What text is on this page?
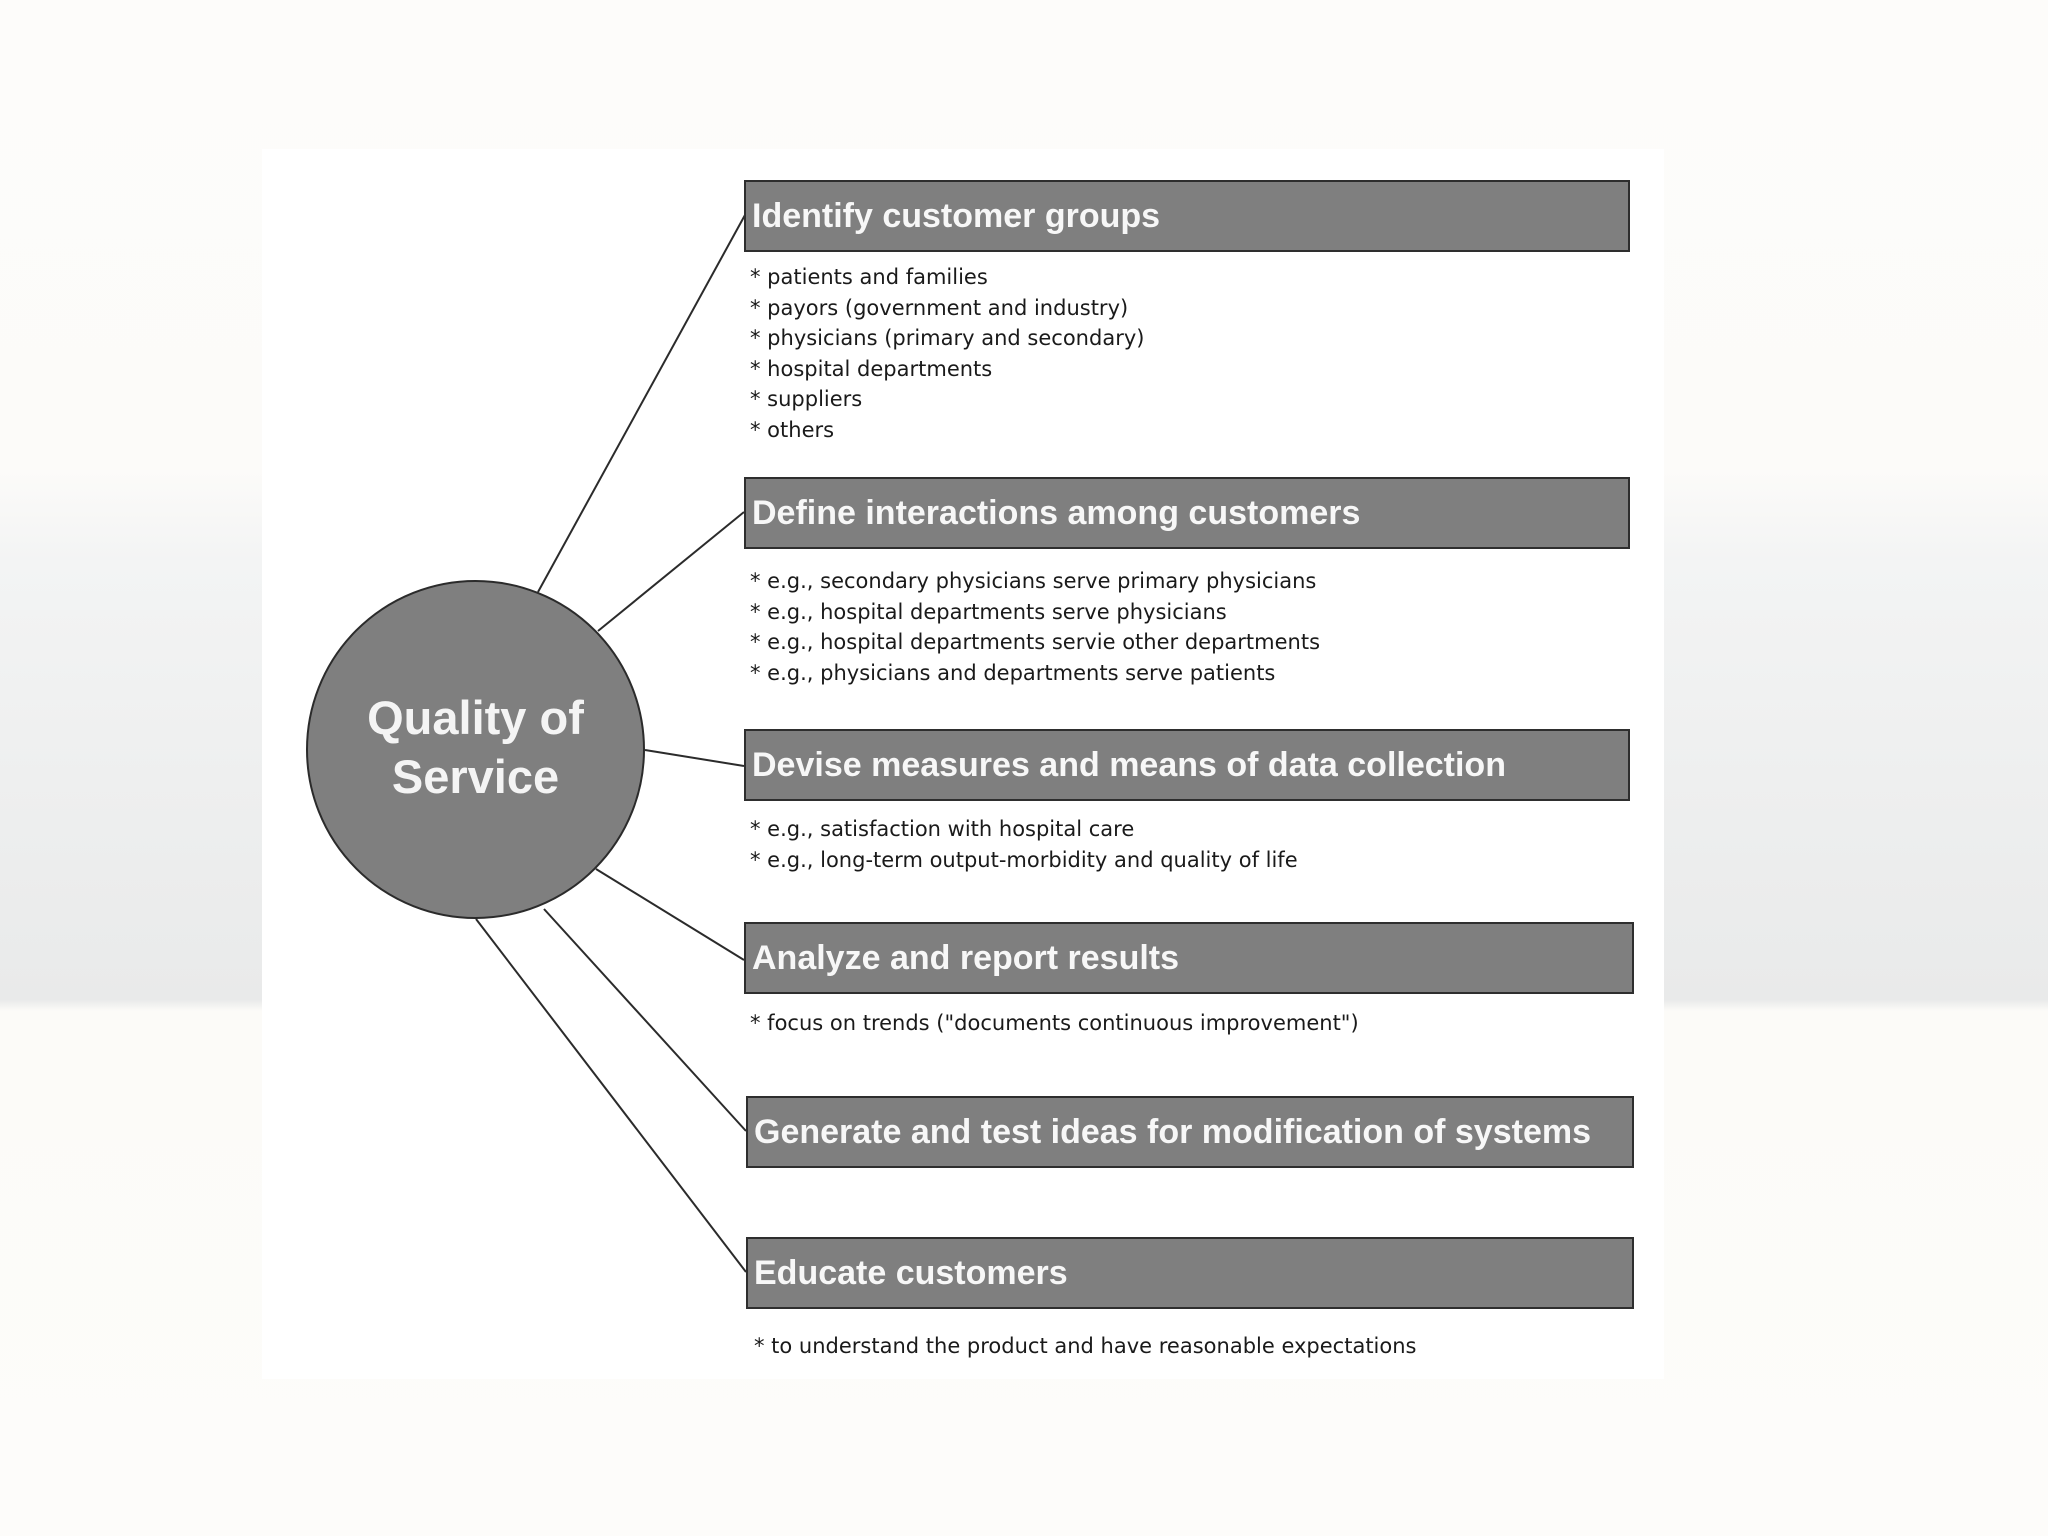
Quality of Service
Identify customer groups
* patients and families
* payors (government and industry)
* physicians (primary and secondary)
* hospital departments
* suppliers
* others
Define interactions among customers
* e.g., secondary physicians serve primary physicians
* e.g., hospital departments serve physicians
* e.g., hospital departments servie other departments
* e.g., physicians and departments serve patients
Devise measures and means of data collection
* e.g., satisfaction with hospital care
* e.g., long-term output-morbidity and quality of life
Analyze and report results
* focus on trends ("documents continuous improvement")
Generate and test ideas for modification of systems
Educate customers
* to understand the product and have reasonable expectations
